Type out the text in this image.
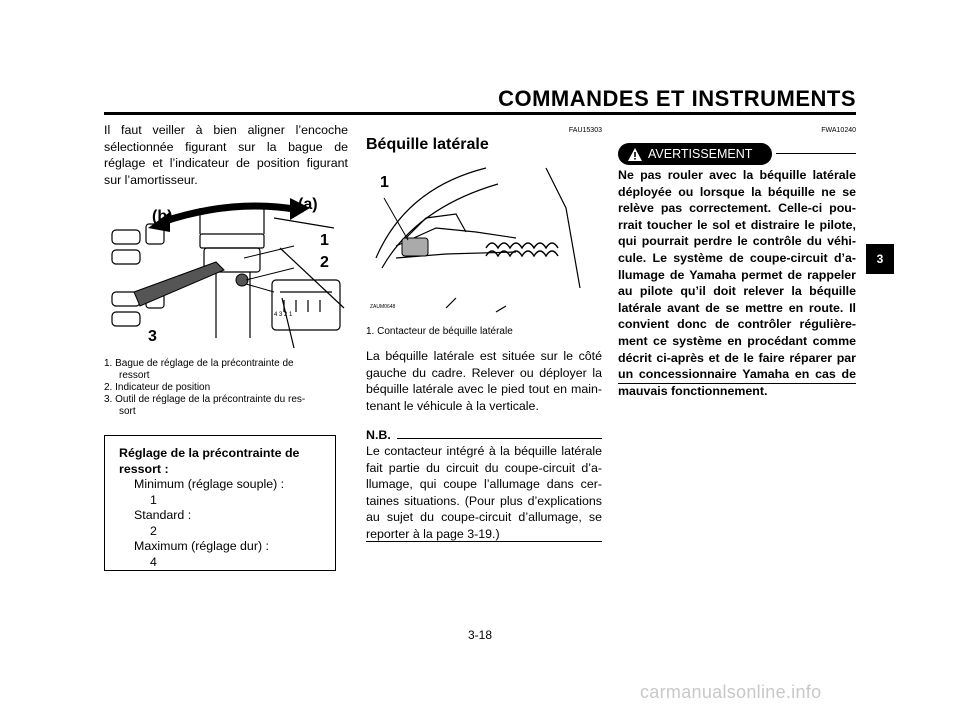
COMMANDES ET INSTRUMENTS
3
Il faut veiller à bien aligner l’encoche sélectionnée figurant sur la bague de réglage et l’indicateur de position figurant sur l’amortisseur.
(b)
(a)
1
2
3
4 3 2 1
1. Bague de réglage de la précontrainte de
ressort
2. Indicateur de position
3. Outil de réglage de la précontrainte du res-
sort
Réglage de la précontrainte de
ressort :
Minimum (réglage souple) :
1
Standard :
2
Maximum (réglage dur) :
4
FAU15303
Béquille latérale
1
ZAUM0648
1. Contacteur de béquille latérale
La béquille latérale est située sur le côté gauche du cadre. Relever ou déployer la béquille latérale avec le pied tout en main-tenant le véhicule à la verticale.
N.B.
Le contacteur intégré à la béquille latérale fait partie du circuit du coupe-circuit d’a-llumage, qui coupe l’allumage dans cer-taines situations. (Pour plus d’explications au sujet du coupe-circuit d’allumage, se reporter à la page 3-19.)
FWA10240
AVERTISSEMENT
Ne pas rouler avec la béquille latérale déployée ou lorsque la béquille ne se relève pas correctement. Celle-ci pou-rrait toucher le sol et distraire le pilote, qui pourrait perdre le contrôle du véhi-cule. Le système de coupe-circuit d’a-llumage de Yamaha permet de rappeler au pilote qu’il doit relever la béquille latérale avant de se mettre en route. Il convient donc de contrôler régulière-ment ce système en procédant comme décrit ci-après et de le faire réparer par un concessionnaire Yamaha en cas de mauvais fonctionnement.
3-18
carmanualsonline.info
